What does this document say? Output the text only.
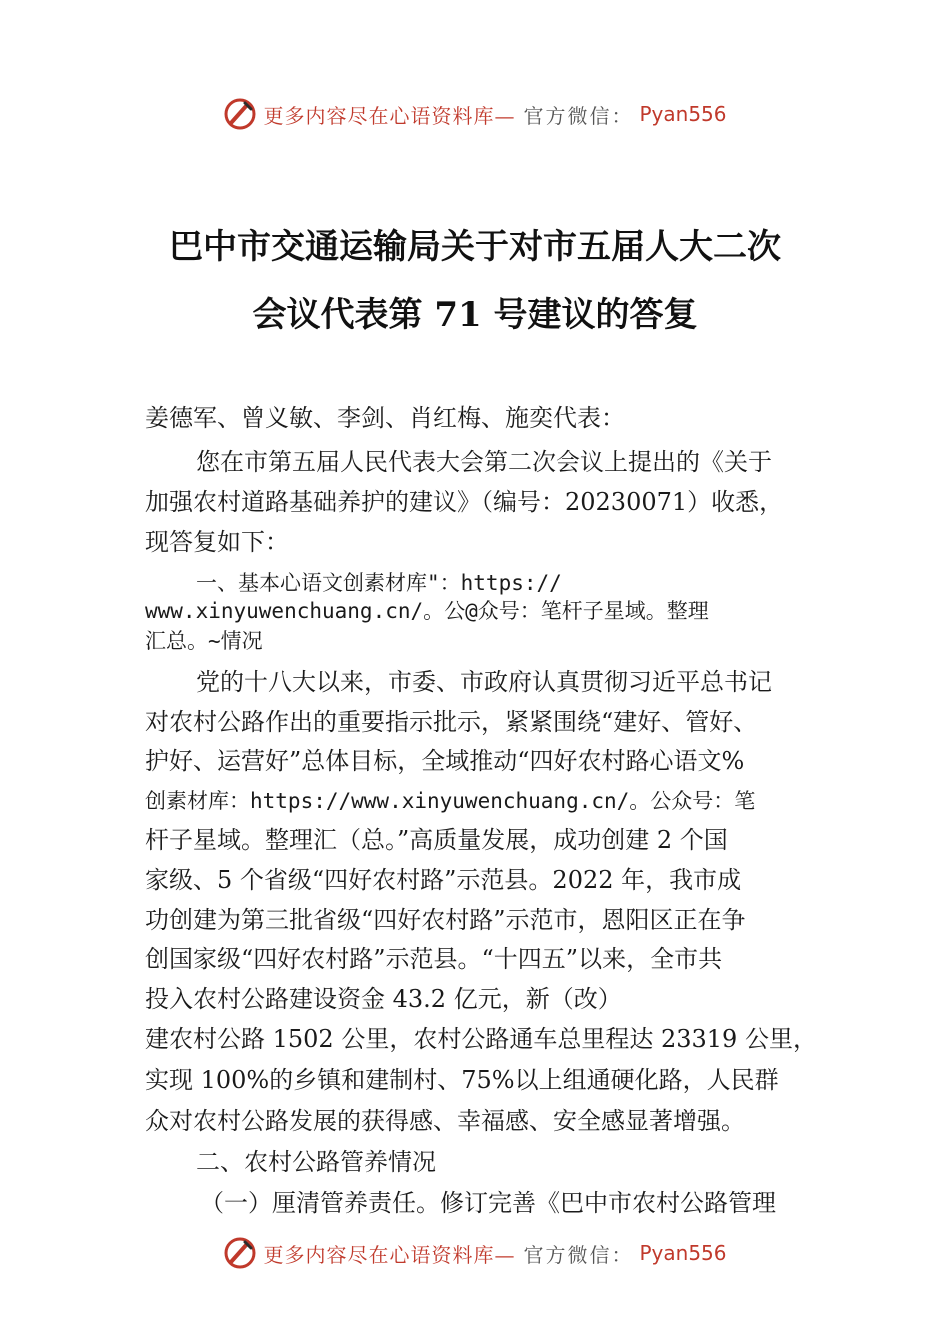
更多内容尽在心语资料库— 官方微信： Pyan556
巴中市交通运输局关于对市五届人大二次
会议代表第 71 号建议的答复
姜德军、曾义敏、李剑、肖红梅、施奕代表：
您在市第五届人民代表大会第二次会议上提出的《关于
加强农村道路基础养护的建议》（编号：20230071）收悉，
现答复如下：
一、基本心语文创素材库"：https://
www.xinyuwenchuang.cn/。公@众号：笔杆子星域。整理
汇总。~情况
党的十八大以来，市委、市政府认真贯彻习近平总书记
对农村公路作出的重要指示批示，紧紧围绕“建好、管好、
护好、运营好”总体目标，全域推动“四好农村路心语文%
创素材库：https://www.xinyuwenchuang.cn/。公众号：笔
杆子星域。整理汇（总。”高质量发展，成功创建 2 个国
家级、5 个省级“四好农村路”示范县。2022 年，我市成
功创建为第三批省级“四好农村路”示范市，恩阳区正在争
创国家级“四好农村路”示范县。“十四五”以来，全市共
投入农村公路建设资金 43.2 亿元，新（改）
建农村公路 1502 公里，农村公路通车总里程达 23319 公里，
实现 100%的乡镇和建制村、75%以上组通硬化路，人民群
众对农村公路发展的获得感、幸福感、安全感显著增强。
二、农村公路管养情况
（一）厘清管养责任。修订完善《巴中市农村公路管理
更多内容尽在心语资料库— 官方微信： Pyan556
